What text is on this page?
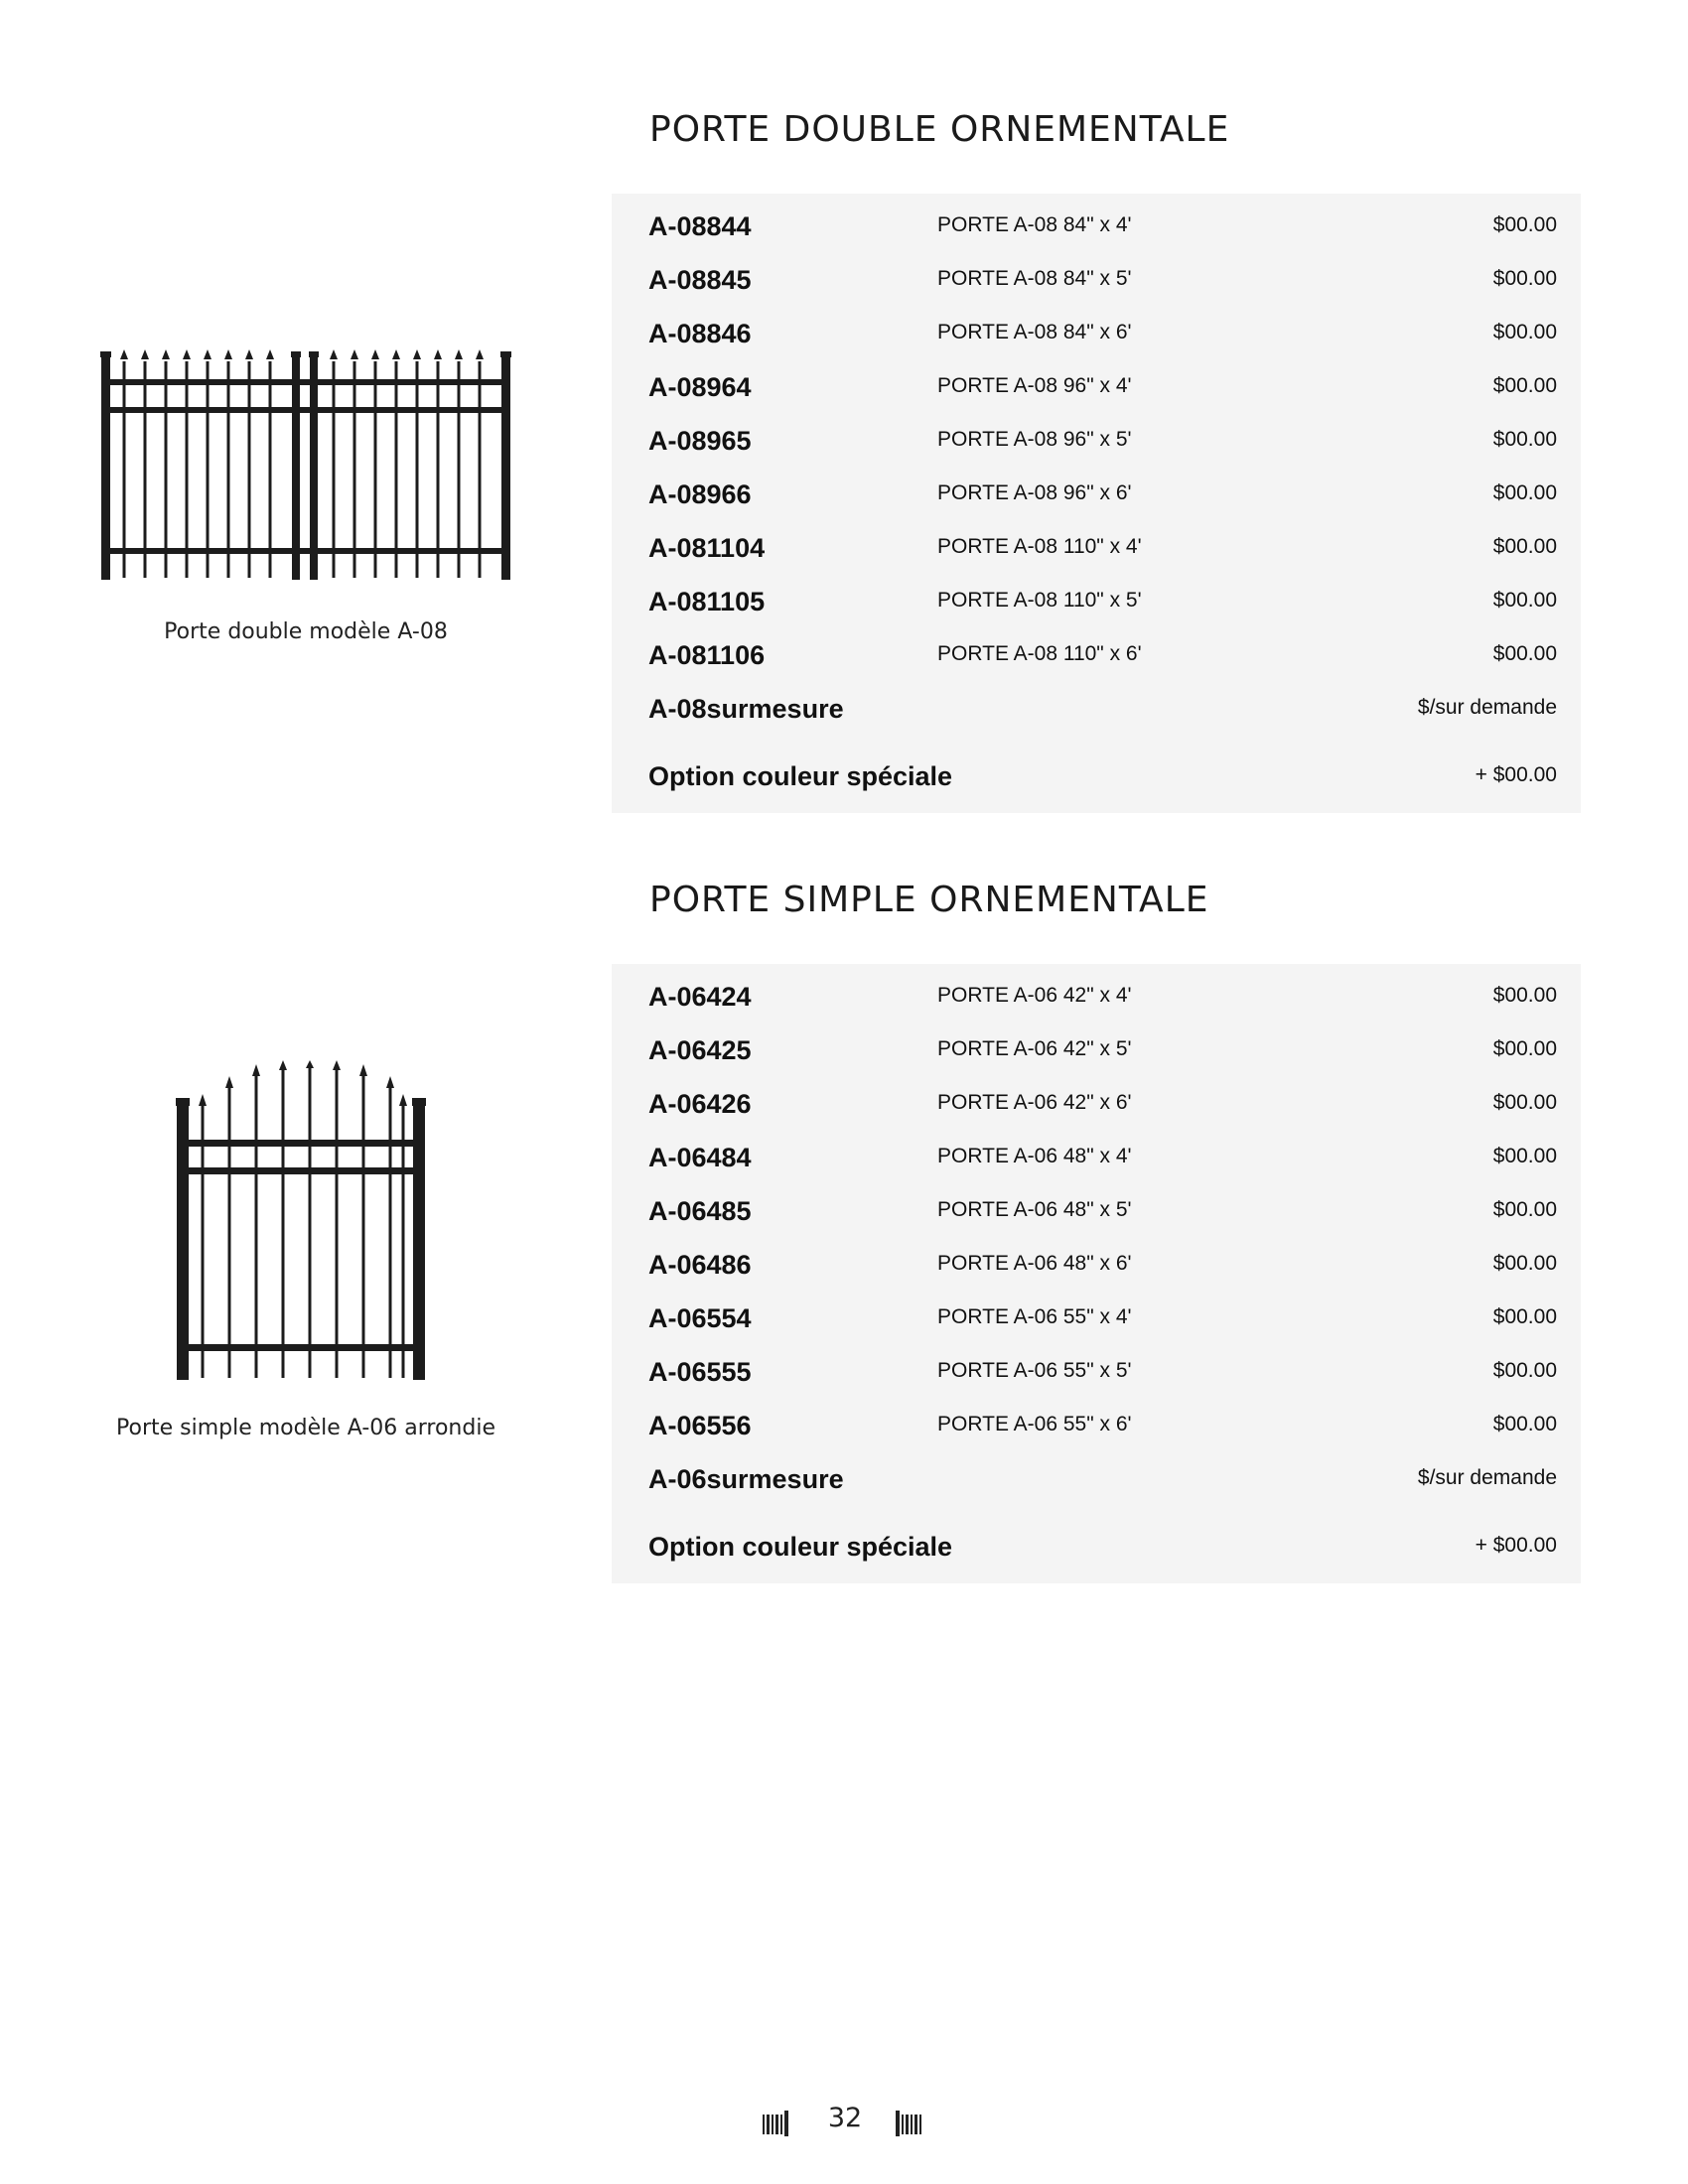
PORTE DOUBLE ORNEMENTALE
A-08844	PORTE A-08 84" x 4'	$00.00
A-08845	PORTE A-08 84" x 5'	$00.00
A-08846	PORTE A-08 84" x 6'	$00.00
A-08964	PORTE A-08 96" x 4'	$00.00
A-08965	PORTE A-08 96" x 5'	$00.00
A-08966	PORTE A-08 96" x 6'	$00.00
A-081104	PORTE A-08 110" x 4'	$00.00
A-081105	PORTE A-08 110" x 5'	$00.00
A-081106	PORTE A-08 110" x 6'	$00.00
A-08surmesure	$/sur demande
Option couleur spéciale	+ $00.00

Porte double modèle A-08

PORTE SIMPLE ORNEMENTALE
A-06424	PORTE A-06 42" x 4'	$00.00
A-06425	PORTE A-06 42" x 5'	$00.00
A-06426	PORTE A-06 42" x 6'	$00.00
A-06484	PORTE A-06 48" x 4'	$00.00
A-06485	PORTE A-06 48" x 5'	$00.00
A-06486	PORTE A-06 48" x 6'	$00.00
A-06554	PORTE A-06 55" x 4'	$00.00
A-06555	PORTE A-06 55" x 5'	$00.00
A-06556	PORTE A-06 55" x 6'	$00.00
A-06surmesure	$/sur demande
Option couleur spéciale	+ $00.00

Porte simple modèle A-06 arrondie

32
